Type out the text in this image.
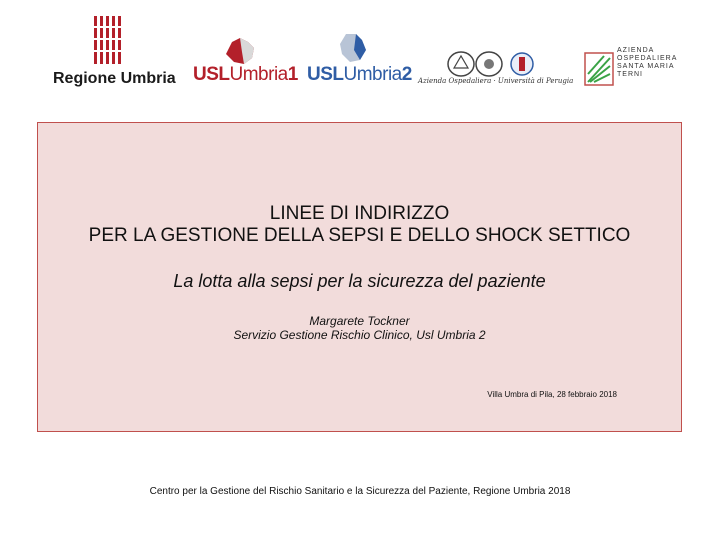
Regione Umbria USLUmbria1 USLUmbria2 Azienda Ospedaliera · Università di Perugia
AZIENDA
OSPEDALIERA
SANTA MARIA
TERNI
LINEE DI INDIRIZZO
PER LA GESTIONE DELLA SEPSI E DELLO SHOCK SETTICO
La lotta alla sepsi per la sicurezza del paziente
Margarete Tockner
Servizio Gestione Rischio Clinico, Usl Umbria 2
Villa Umbra di Pila, 28 febbraio 2018
Centro per la Gestione del Rischio Sanitario e la Sicurezza del Paziente, Regione Umbria 2018
